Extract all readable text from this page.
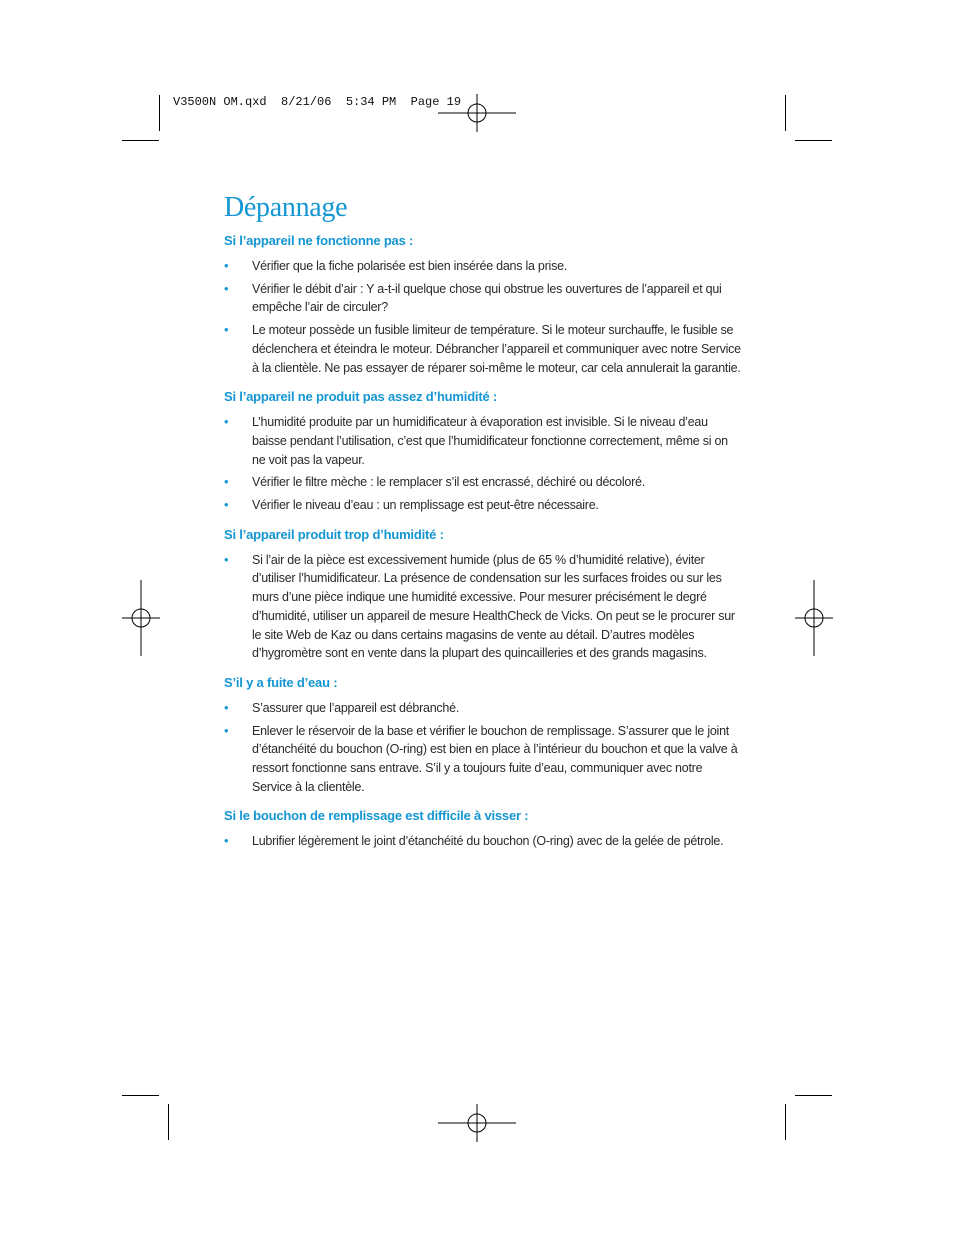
V3500N OM.qxd  8/21/06  5:34 PM  Page 19
Dépannage
Si l’appareil ne fonctionne pas :
• Vérifier que la fiche polarisée est bien insérée dans la prise.
• Vérifier le débit d’air : Y a-t-il quelque chose qui obstrue les ouvertures de l’appareil et qui empêche l’air de circuler?
• Le moteur possède un fusible limiteur de température. Si le moteur surchauffe, le fusible se déclenchera et éteindra le moteur. Débrancher l’appareil et communiquer avec notre Service à la clientèle. Ne pas essayer de réparer soi-même le moteur, car cela annulerait la garantie.
Si l’appareil ne produit pas assez d’humidité :
• L’humidité produite par un humidificateur à évaporation est invisible. Si le niveau d’eau baisse pendant l’utilisation, c’est que l’humidificateur fonctionne correctement, même si on ne voit pas la vapeur.
• Vérifier le filtre mèche : le remplacer s’il est encrassé, déchiré ou décoloré.
• Vérifier le niveau d’eau : un remplissage est peut-être nécessaire.
Si l’appareil produit trop d’humidité :
• Si l’air de la pièce est excessivement humide (plus de 65 % d’humidité relative), éviter d’utiliser l’humidificateur. La présence de condensation sur les surfaces froides ou sur les murs d’une pièce indique une humidité excessive. Pour mesurer précisément le degré d’humidité, utiliser un appareil de mesure HealthCheck de Vicks. On peut se le procurer sur le site Web de Kaz ou dans certains magasins de vente au détail. D’autres modèles d’hygromètre sont en vente dans la plupart des quincailleries et des grands magasins.
S’il y a fuite d’eau :
• S’assurer que l’appareil est débranché.
• Enlever le réservoir de la base et vérifier le bouchon de remplissage. S’assurer que le joint d’étanchéité du bouchon (O-ring) est bien en place à l’intérieur du bouchon et que la valve à ressort fonctionne sans entrave. S’il y a toujours fuite d’eau, communiquer avec notre Service à la clientèle.
Si le bouchon de remplissage est difficile à visser :
• Lubrifier légèrement le joint d’étanchéité du bouchon (O-ring) avec de la gelée de pétrole.
